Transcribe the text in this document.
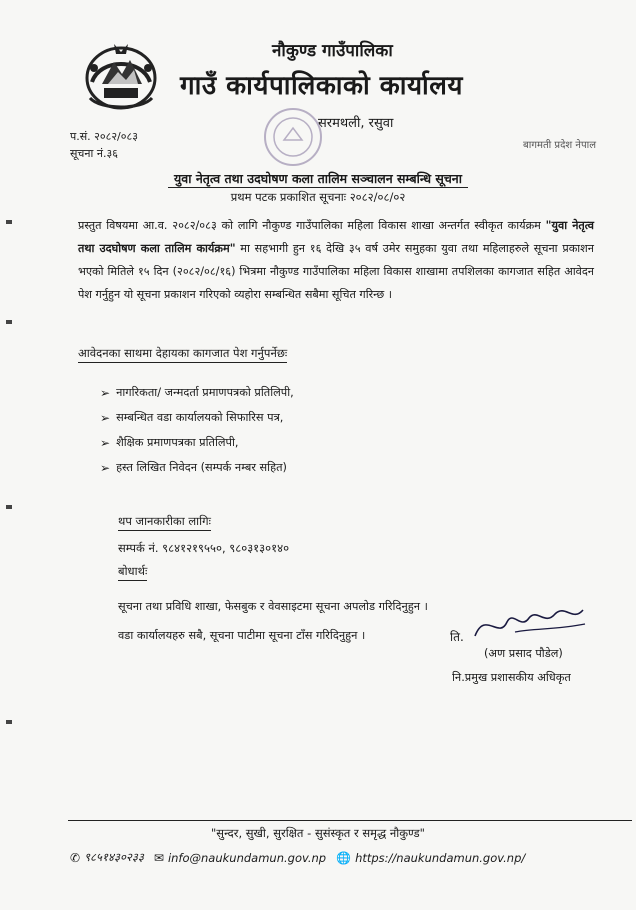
नौकुण्ड गाउँपालिका
गाउँ कार्यपालिकाको कार्यालय
सरमथली, रसुवा
प.सं. २०८२/०८३
सूचना नं.३६
बागमती प्रदेश नेपाल
युवा नेतृत्व तथा उदघोषण कला तालिम सञ्चालन सम्बन्धि सूचना
प्रथम पटक प्रकाशित सूचनाः २०८२/०८/०२
प्रस्तुत विषयमा आ.व. २०८२/०८३ को लागि नौकुण्ड गाउँपालिका महिला विकास शाखा अन्तर्गत स्वीकृत कार्यक्रम "युवा नेतृत्व तथा उदघोषण कला तालिम कार्यक्रम" मा सहभागी हुन १६ देखि ३५ वर्ष उमेर समुहका युवा तथा महिलाहरुले सूचना प्रकाशन भएको मितिले १५ दिन (२०८२/०८/१६) भित्रमा नौकुण्ड गाउँपालिका महिला विकास शाखामा तपशिलका कागजात सहित आवेदन पेश गर्नुहुन यो सूचना प्रकाशन गरिएको व्यहोरा सम्बन्धित सबैमा सूचित गरिन्छ ।
आवेदनका साथमा देहायका कागजात पेश गर्नुपर्नेछः
➢ नागरिकता/ जन्मदर्ता प्रमाणपत्रको प्रतिलिपी,
➢ सम्बन्धित वडा कार्यालयको सिफारिस पत्र,
➢ शैक्षिक प्रमाणपत्रका प्रतिलिपी,
➢ हस्त लिखित निवेदन (सम्पर्क नम्बर सहित)
थप जानकारीका लागिः
सम्पर्क नं. ९८४१२१९५५०, ९८०३१३०१४०
बोधार्थः
सूचना तथा प्रविधि शाखा, फेसबुक र वेवसाइटमा सूचना अपलोड गरिदिनुहुन ।
वडा कार्यालयहरु सबै, सूचना पाटीमा सूचना टाँस गरिदिनुहुन ।	ति.
(अण प्रसाद पौडेल)
नि.प्रमुख प्रशासकीय अधिकृत
"सुन्दर, सुखी, सुरक्षित - सुसंस्कृत र समृद्ध नौकुण्ड"
✆ ९८५१४३०२३३ ✉ info@naukundamun.gov.np 🌐 https://naukundamun.gov.np/
